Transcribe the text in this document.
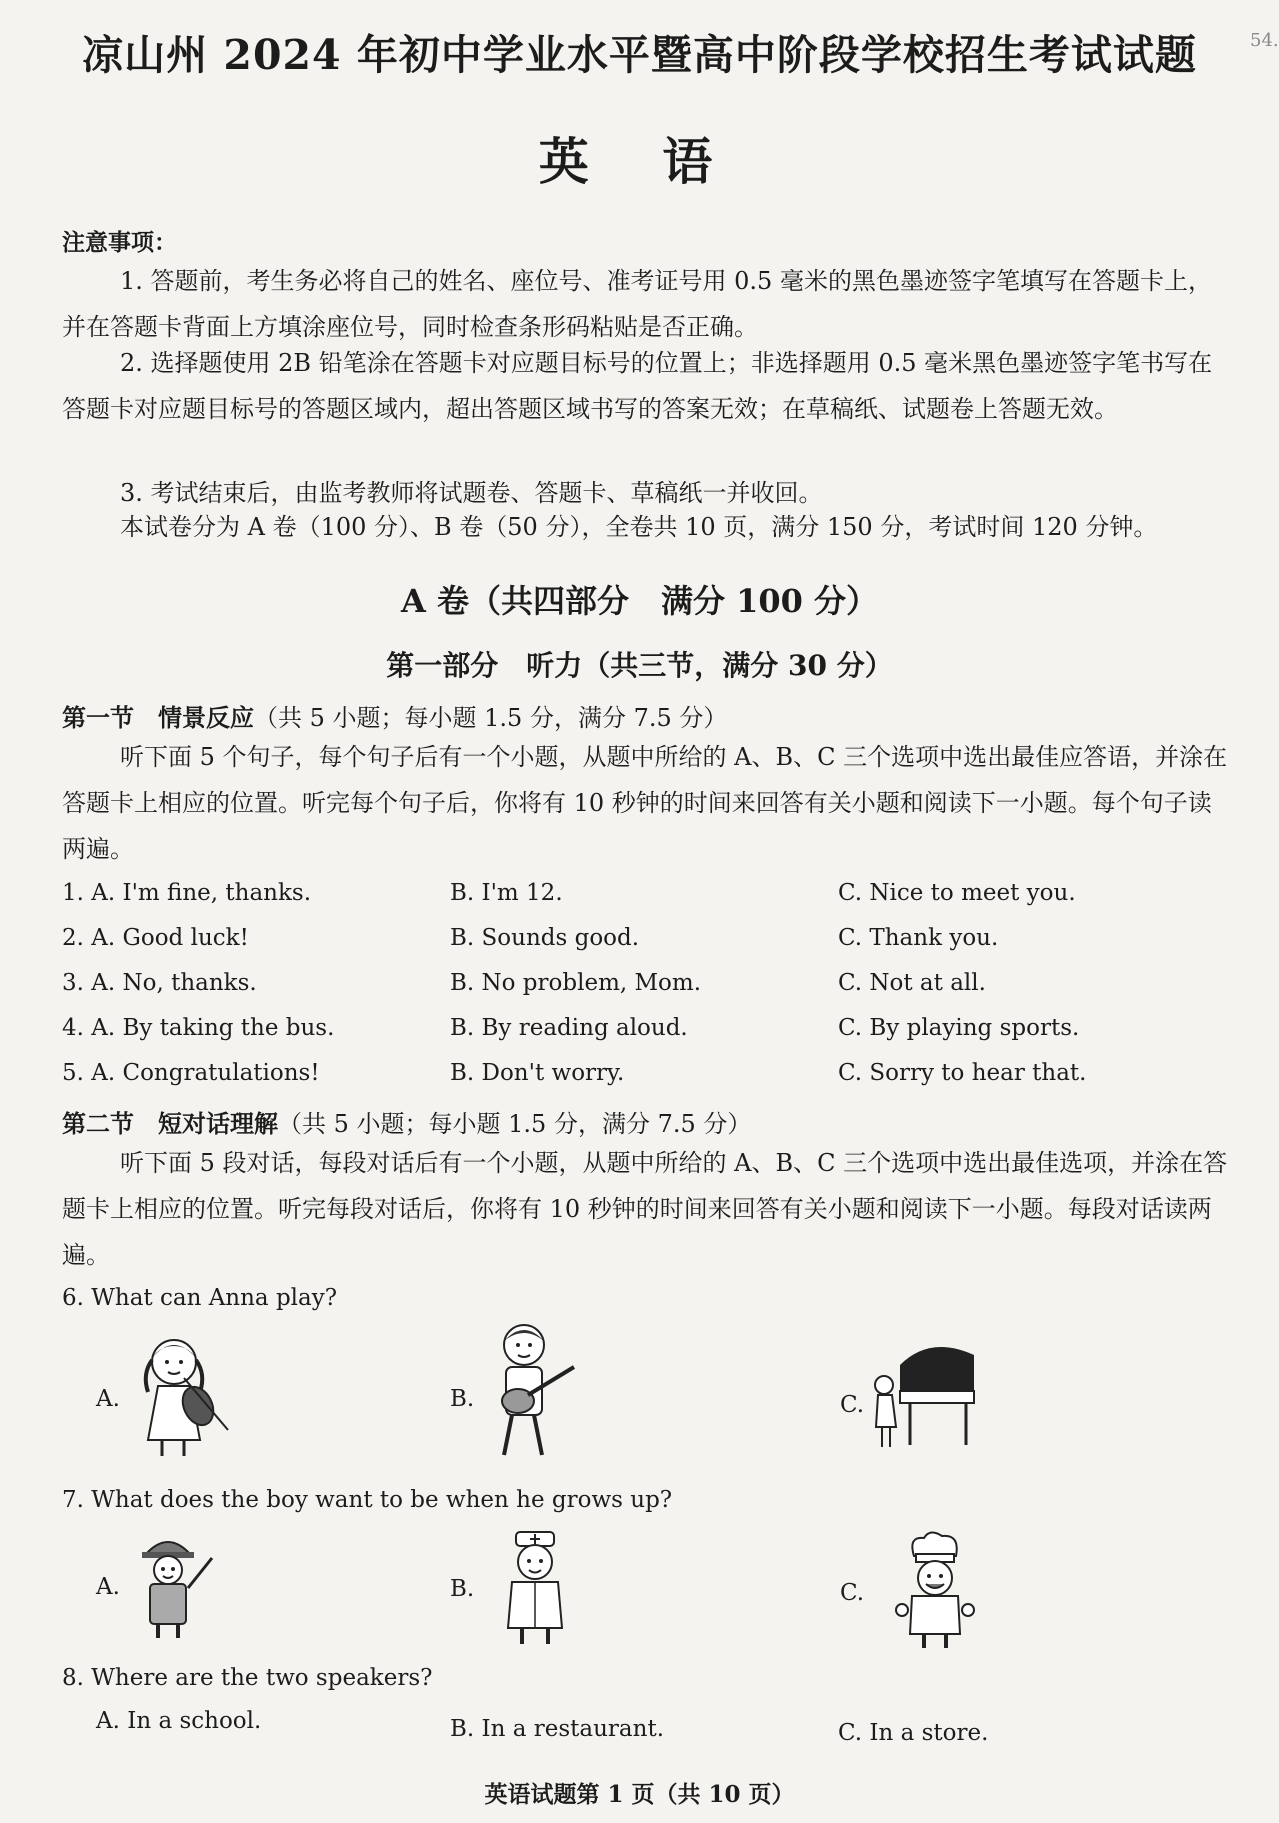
54.
凉山州 2024 年初中学业水平暨高中阶段学校招生考试试题
英 语
注意事项：
1. 答题前，考生务必将自己的姓名、座位号、准考证号用 0.5 毫米的黑色墨迹签字笔填写在答题卡上，并在答题卡背面上方填涂座位号，同时检查条形码粘贴是否正确。
2. 选择题使用 2B 铅笔涂在答题卡对应题目标号的位置上；非选择题用 0.5 毫米黑色墨迹签字笔书写在答题卡对应题目标号的答题区域内，超出答题区域书写的答案无效；在草稿纸、试题卷上答题无效。
3. 考试结束后，由监考教师将试题卷、答题卡、草稿纸一并收回。
本试卷分为 A 卷（100 分）、B 卷（50 分），全卷共 10 页，满分 150 分，考试时间 120 分钟。
A 卷（共四部分　满分 100 分）
第一部分　听力（共三节，满分 30 分）
第一节　情景反应（共 5 小题；每小题 1.5 分，满分 7.5 分）
听下面 5 个句子，每个句子后有一个小题，从题中所给的 A、B、C 三个选项中选出最佳应答语，并涂在答题卡上相应的位置。听完每个句子后，你将有 10 秒钟的时间来回答有关小题和阅读下一小题。每个句子读两遍。
1. A. I'm fine, thanks.	B. I'm 12.	C. Nice to meet you.
2. A. Good luck!	B. Sounds good.	C. Thank you.
3. A. No, thanks.	B. No problem, Mom.	C. Not at all.
4. A. By taking the bus.	B. By reading aloud.	C. By playing sports.
5. A. Congratulations!	B. Don't worry.	C. Sorry to hear that.
第二节　短对话理解（共 5 小题；每小题 1.5 分，满分 7.5 分）
听下面 5 段对话，每段对话后有一个小题，从题中所给的 A、B、C 三个选项中选出最佳选项，并涂在答题卡上相应的位置。听完每段对话后，你将有 10 秒钟的时间来回答有关小题和阅读下一小题。每段对话读两遍。
6. What can Anna play?
A.	B.	C.
7. What does the boy want to be when he grows up?
A.	B.	C.
8. Where are the two speakers?
A. In a school.	B. In a restaurant.	C. In a store.
英语试题第 1 页（共 10 页）
